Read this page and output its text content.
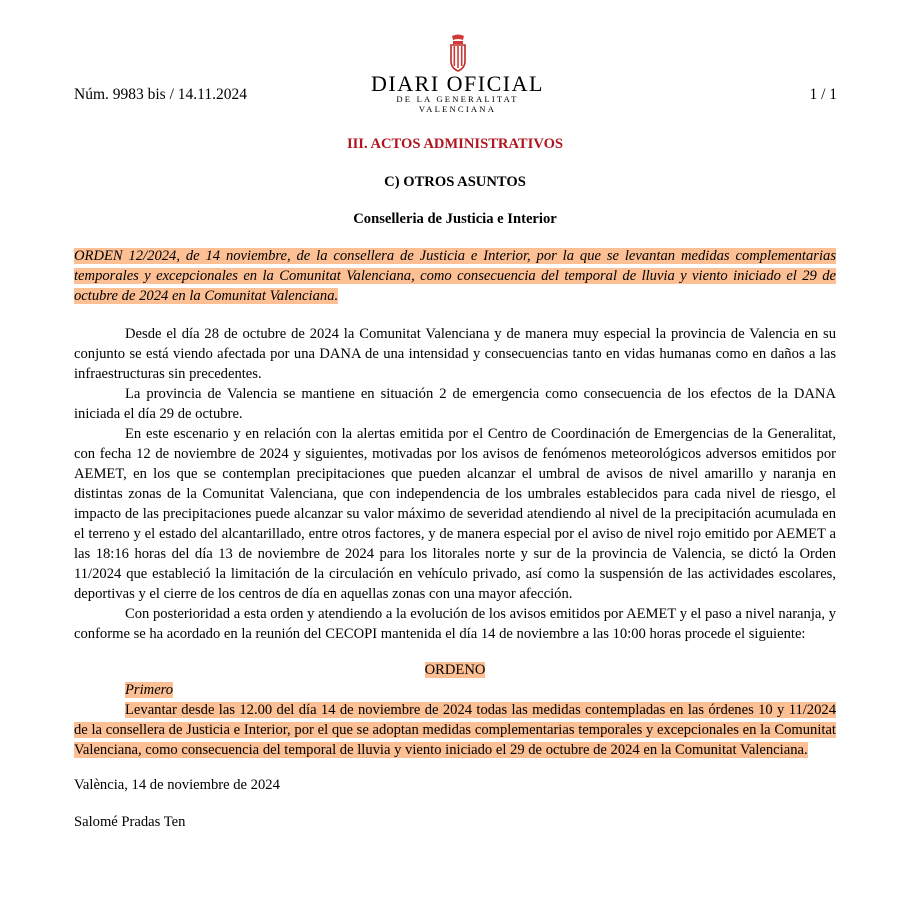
Núm. 9983 bis / 14.11.2024	DIARI OFICIAL
DE LA GENERALITAT VALENCIANA
1 / 1
III. ACTOS ADMINISTRATIVOS
C) OTROS ASUNTOS
Conselleria de Justicia e Interior

ORDEN 12/2024, de 14 noviembre, de la consellera de Justicia e Interior, por la que se levantan medidas complementarias temporales y excepcionales en la Comunitat Valenciana, como consecuencia del temporal de lluvia y viento iniciado el 29 de octubre de 2024 en la Comunitat Valenciana.

Desde el día 28 de octubre de 2024 la Comunitat Valenciana y de manera muy especial la provincia de Valencia en su conjunto se está viendo afectada por una DANA de una intensidad y consecuencias tanto en vidas humanas como en daños a las infraestructuras sin precedentes.

La provincia de Valencia se mantiene en situación 2 de emergencia como consecuencia de los efectos de la DANA iniciada el día 29 de octubre.

En este escenario y en relación con la alertas emitida por el Centro de Coordinación de Emergencias de la Generalitat, con fecha 12 de noviembre de 2024 y siguientes, motivadas por los avisos de fenómenos meteorológicos adversos emitidos por AEMET, en los que se contemplan precipitaciones que pueden alcanzar el umbral de avisos de nivel amarillo y naranja en distintas zonas de la Comunitat Valenciana, que con independencia de los umbrales establecidos para cada nivel de riesgo, el impacto de las precipitaciones puede alcanzar su valor máximo de severidad atendiendo al nivel de la precipitación acumulada en el terreno y el estado del alcantarillado, entre otros factores, y de manera especial por el aviso de nivel rojo emitido por AEMET a las 18:16 horas del día 13 de noviembre de 2024 para los litorales norte y sur de la provincia de Valencia, se dictó la Orden 11/2024 que estableció la limitación de la circulación en vehículo privado, así como la suspensión de las actividades escolares, deportivas y el cierre de los centros de día en aquellas zonas con una mayor afección.

Con posterioridad a esta orden y atendiendo a la evolución de los avisos emitidos por AEMET y el paso a nivel naranja, y conforme se ha acordado en la reunión del CECOPI mantenida el día 14 de noviembre a las 10:00 horas procede el siguiente:

ORDENO
Primero

Levantar desde las 12.00 del día 14 de noviembre de 2024 todas las medidas contempladas en las órdenes 10 y 11/2024 de la consellera de Justicia e Interior, por el que se adoptan medidas complementarias temporales y excepcionales en la Comunitat Valenciana, como consecuencia del temporal de lluvia y viento iniciado el 29 de octubre de 2024 en la Comunitat Valenciana.

València, 14 de noviembre de 2024
Salomé Pradas Ten
